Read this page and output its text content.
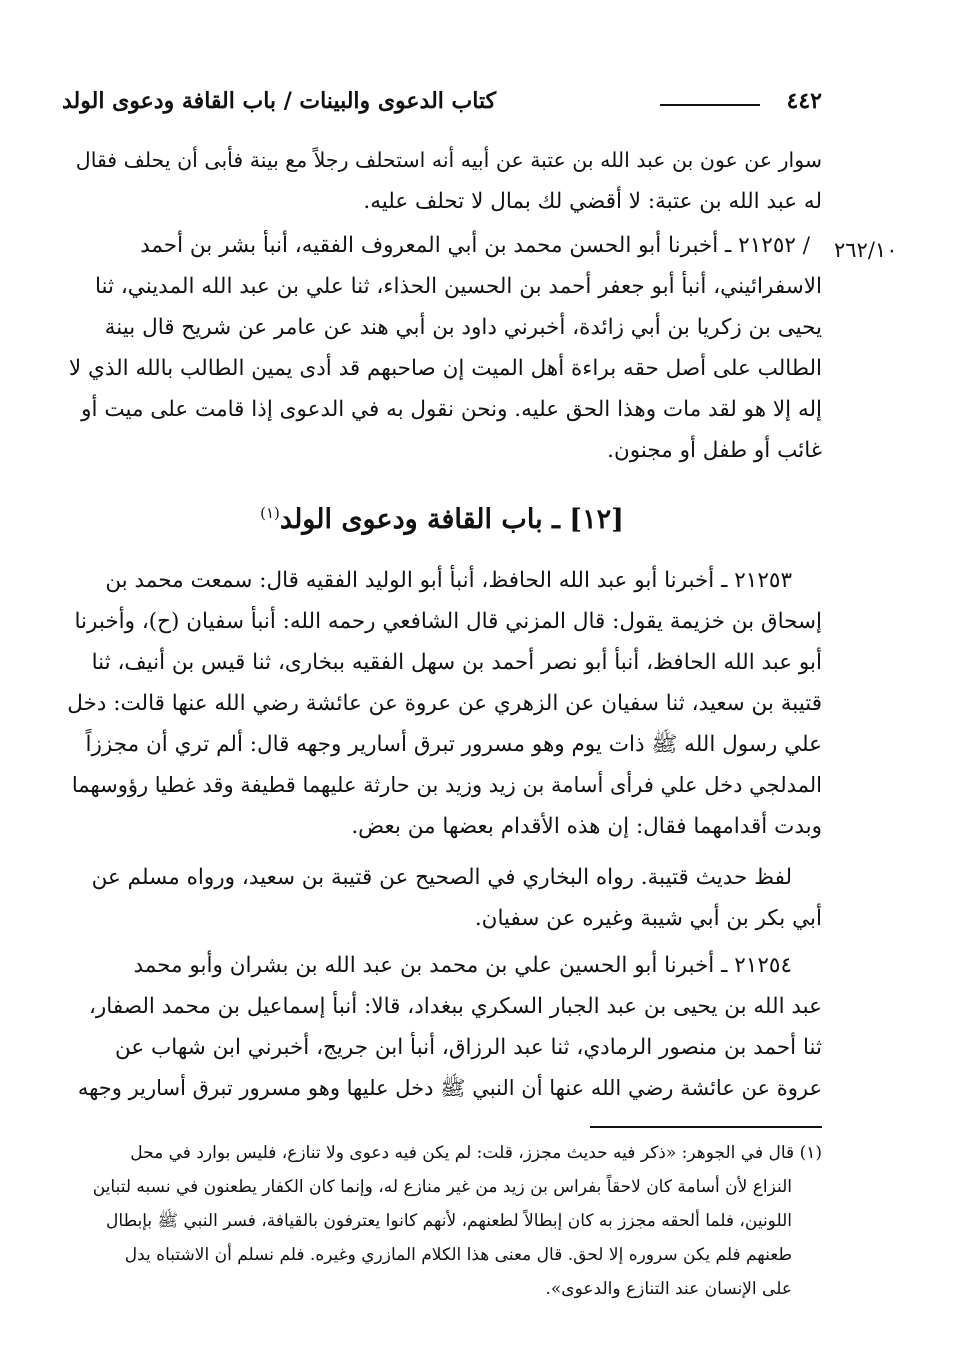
٤٤٢
كتاب الدعوى والبينات / باب القافة ودعوى الولد
سوار عن عون بن عبد الله بن عتبة عن أبيه أنه استحلف رجلاً مع بينة فأبى أن يحلف فقال
له عبد الله بن عتبة: لا أقضي لك بمال لا تحلف عليه.
٢٦٢/١٠
/ ٢١٢٥٢ ـ أخبرنا أبو الحسن محمد بن أبي المعروف الفقيه، أنبأ بشر بن أحمد
الاسفرائيني، أنبأ أبو جعفر أحمد بن الحسين الحذاء، ثنا علي بن عبد الله المديني، ثنا
يحيى بن زكريا بن أبي زائدة، أخبرني داود بن أبي هند عن عامر عن شريح قال بينة
الطالب على أصل حقه براءة أهل الميت إن صاحبهم قد أدى يمين الطالب بالله الذي لا
إله إلا هو لقد مات وهذا الحق عليه. ونحن نقول به في الدعوى إذا قامت على ميت أو
غائب أو طفل أو مجنون.
[١٢] ـ باب القافة ودعوى الولد$^{(١)}$
٢١٢٥٣ ـ أخبرنا أبو عبد الله الحافظ، أنبأ أبو الوليد الفقيه قال: سمعت محمد بن
إسحاق بن خزيمة يقول: قال المزني قال الشافعي رحمه الله: أنبأ سفيان (ح)، وأخبرنا
أبو عبد الله الحافظ، أنبأ أبو نصر أحمد بن سهل الفقيه ببخارى، ثنا قيس بن أنيف، ثنا
قتيبة بن سعيد، ثنا سفيان عن الزهري عن عروة عن عائشة رضي الله عنها قالت: دخل
علي رسول الله ﷺ ذات يوم وهو مسرور تبرق أسارير وجهه قال: ألم تري أن مجززاً
المدلجي دخل علي فرأى أسامة بن زيد وزيد بن حارثة عليهما قطيفة وقد غطيا رؤوسهما
وبدت أقدامهما فقال: إن هذه الأقدام بعضها من بعض.
لفظ حديث قتيبة. رواه البخاري في الصحيح عن قتيبة بن سعيد، ورواه مسلم عن
أبي بكر بن أبي شيبة وغيره عن سفيان.
٢١٢٥٤ ـ أخبرنا أبو الحسين علي بن محمد بن عبد الله بن بشران وأبو محمد
عبد الله بن يحيى بن عبد الجبار السكري ببغداد، قالا: أنبأ إسماعيل بن محمد الصفار،
ثنا أحمد بن منصور الرمادي، ثنا عبد الرزاق، أنبأ ابن جريج، أخبرني ابن شهاب عن
عروة عن عائشة رضي الله عنها أن النبي ﷺ دخل عليها وهو مسرور تبرق أسارير وجهه
(١) قال في الجوهر: «ذكر فيه حديث مجزز، قلت: لم يكن فيه دعوى ولا تنازع، فليس بوارد في محل
النزاع لأن أسامة كان لاحقاً بفراس بن زيد من غير منازع له، وإنما كان الكفار يطعنون في نسبه لتباين
اللونين، فلما ألحقه مجزز به كان إبطالاً لطعنهم، لأنهم كانوا يعترفون بالقيافة، فسر النبي ﷺ بإبطال
طعنهم فلم يكن سروره إلا لحق. قال معنى هذا الكلام المازري وغيره. فلم نسلم أن الاشتباه يدل
على الإنسان عند التنازع والدعوى».
